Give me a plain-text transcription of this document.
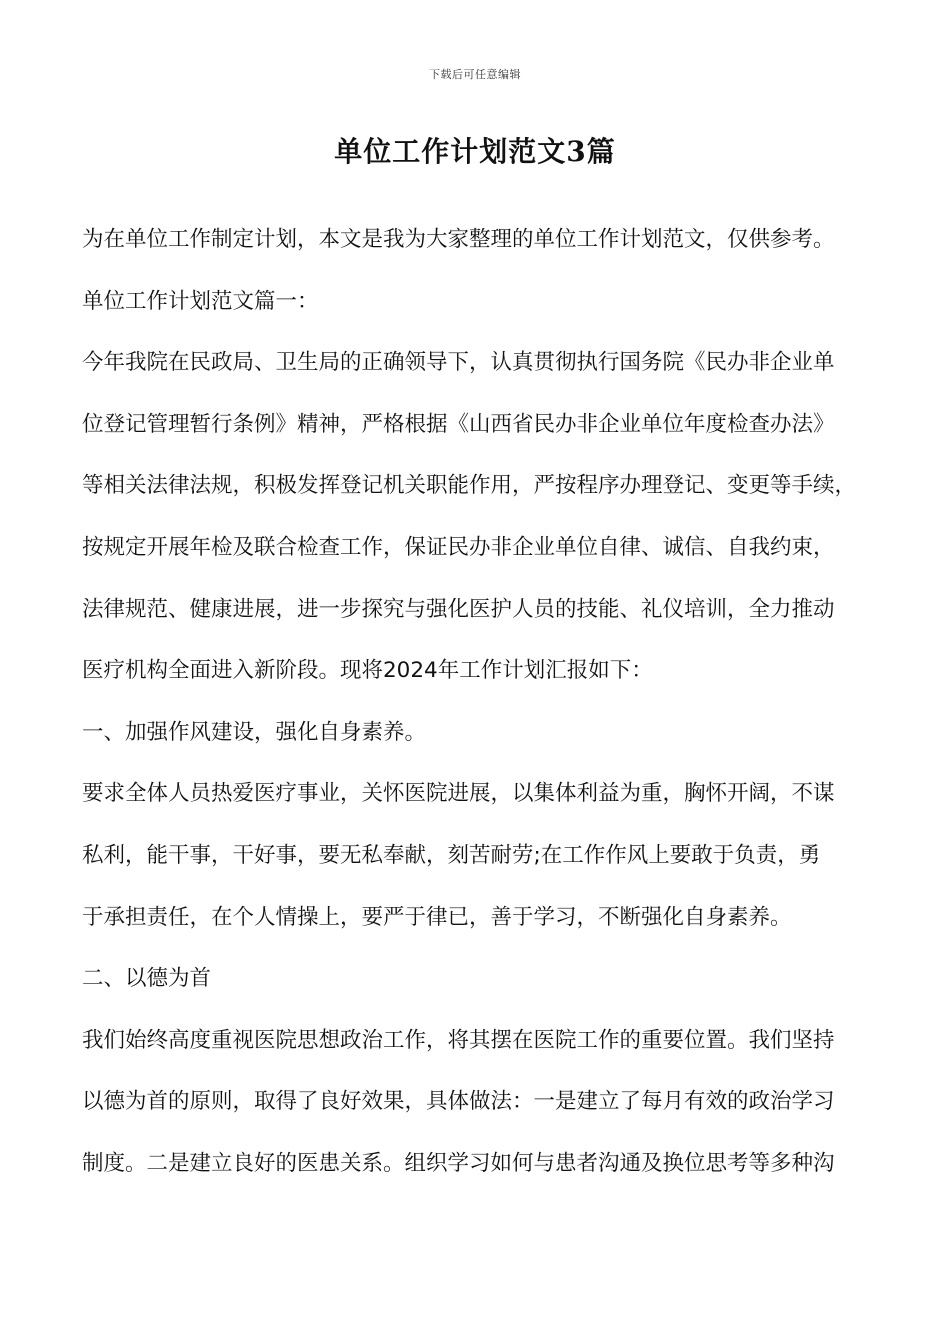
下载后可任意编辑
单位工作计划范文3篇
为在单位工作制定计划，本文是我为大家整理的单位工作计划范文，仅供参考。
单位工作计划范文篇一：
今年我院在民政局、卫生局的正确领导下，认真贯彻执行国务院《民办非企业单
位登记管理暂行条例》精神，严格根据《山西省民办非企业单位年度检查办法》
等相关法律法规，积极发挥登记机关职能作用，严按程序办理登记、变更等手续，
按规定开展年检及联合检查工作，保证民办非企业单位自律、诚信、自我约束，
法律规范、健康进展，进一步探究与强化医护人员的技能、礼仪培训，全力推动
医疗机构全面进入新阶段。现将2024年工作计划汇报如下：
一、加强作风建设，强化自身素养。
要求全体人员热爱医疗事业，关怀医院进展，以集体利益为重，胸怀开阔，不谋
私利，能干事，干好事，要无私奉献，刻苦耐劳;在工作作风上要敢于负责，勇
于承担责任，在个人情操上，要严于律已，善于学习，不断强化自身素养。
二、以德为首
我们始终高度重视医院思想政治工作，将其摆在医院工作的重要位置。我们坚持
以德为首的原则，取得了良好效果，具体做法：一是建立了每月有效的政治学习
制度。二是建立良好的医患关系。组织学习如何与患者沟通及换位思考等多种沟
